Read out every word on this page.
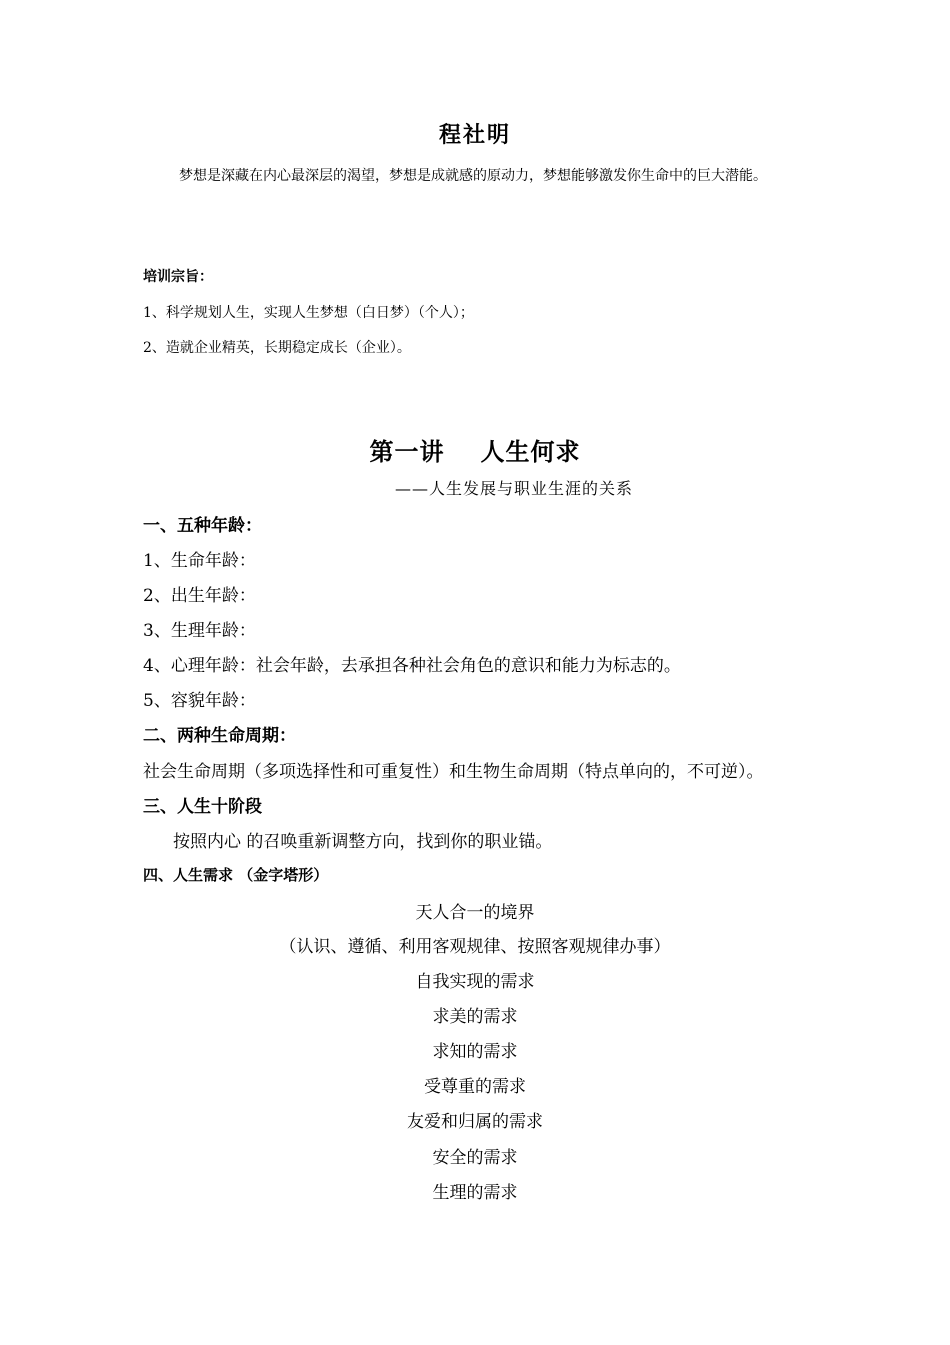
程社明
梦想是深藏在内心最深层的渴望，梦想是成就感的原动力，梦想能够激发你生命中的巨大潜能。
培训宗旨：
1、科学规划人生，实现人生梦想（白日梦）（个人）；
2、造就企业精英，长期稳定成长（企业）。
第一讲 人生何求
——人生发展与职业生涯的关系
一、五种年龄：
1、生命年龄：
2、出生年龄：
3、生理年龄：
4、心理年龄：社会年龄，去承担各种社会角色的意识和能力为标志的。
5、容貌年龄：
二、两种生命周期：
社会生命周期（多项选择性和可重复性）和生物生命周期（特点单向的，不可逆）。
三、人生十阶段
按照内心 的召唤重新调整方向，找到你的职业锚。
四、人生需求 （金字塔形）
天人合一的境界
（认识、遵循、利用客观规律、按照客观规律办事）
自我实现的需求
求美的需求
求知的需求
受尊重的需求
友爱和归属的需求
安全的需求
生理的需求
